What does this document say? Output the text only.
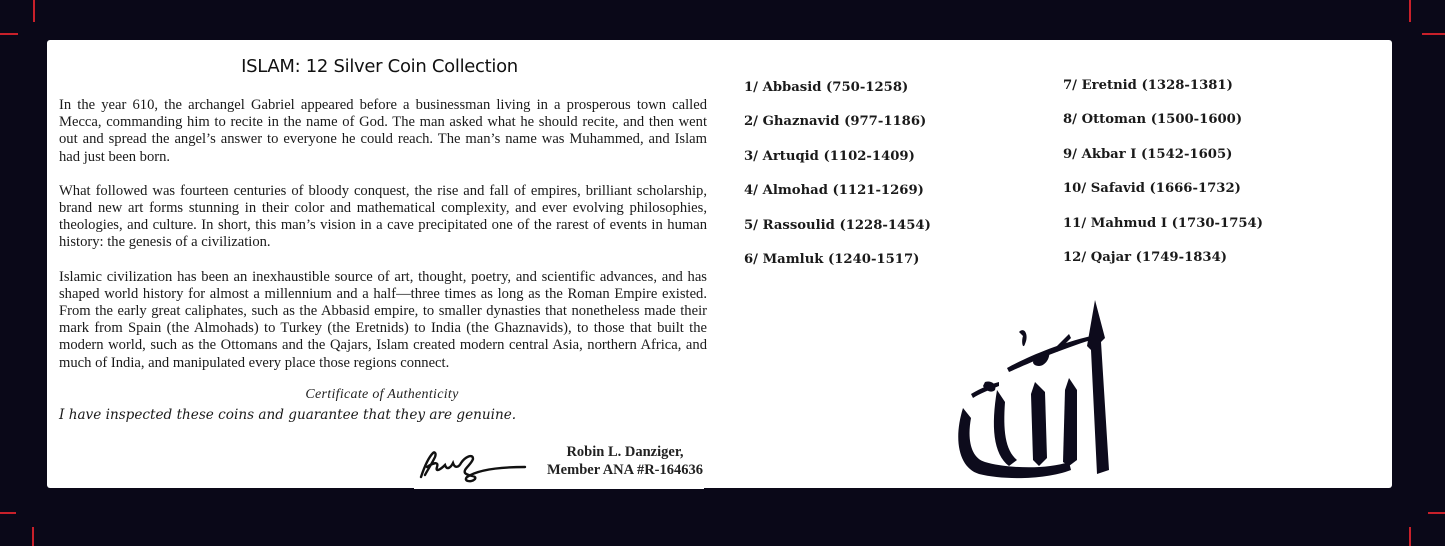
ISLAM: 12 Silver Coin Collection

In the year 610, the archangel Gabriel appeared before a businessman living in a prosperous town called Mecca, commanding him to recite in the name of God. The man asked what he should recite, and then went out and spread the angel’s answer to everyone he could reach. The man’s name was Muhammed, and Islam had just been born.

What followed was fourteen centuries of bloody conquest, the rise and fall of empires, brilliant scholarship, brand new art forms stunning in their color and mathematical complexity, and ever evolving philosophies, theologies, and culture. In short, this man’s vision in a cave precipitated one of the rarest of events in human history: the genesis of a civilization.

Islamic civilization has been an inexhaustible source of art, thought, poetry, and scientific advances, and has shaped world history for almost a millennium and a half—three times as long as the Roman Empire existed. From the early great caliphates, such as the Abbasid empire, to smaller dynasties that nonetheless made their mark from Spain (the Almohads) to Turkey (the Eretnids) to India (the Ghaznavids), to those that built the modern world, such as the Ottomans and the Qajars, Islam created modern central Asia, northern Africa, and much of India, and manipulated every place those regions connect.

Certificate of Authenticity
I have inspected these coins and guarantee that they are genuine.
Robin L. Danziger,
Member ANA #R-164636
1/ Abbasid (750-1258)
2/ Ghaznavid (977-1186)
3/ Artuqid (1102-1409)
4/ Almohad (1121-1269)
5/ Rassoulid (1228-1454)
6/ Mamluk (1240-1517)
7/ Eretnid (1328-1381)
8/ Ottoman (1500-1600)
9/ Akbar I (1542-1605)
10/ Safavid (1666-1732)
11/ Mahmud I (1730-1754)
12/ Qajar (1749-1834)
